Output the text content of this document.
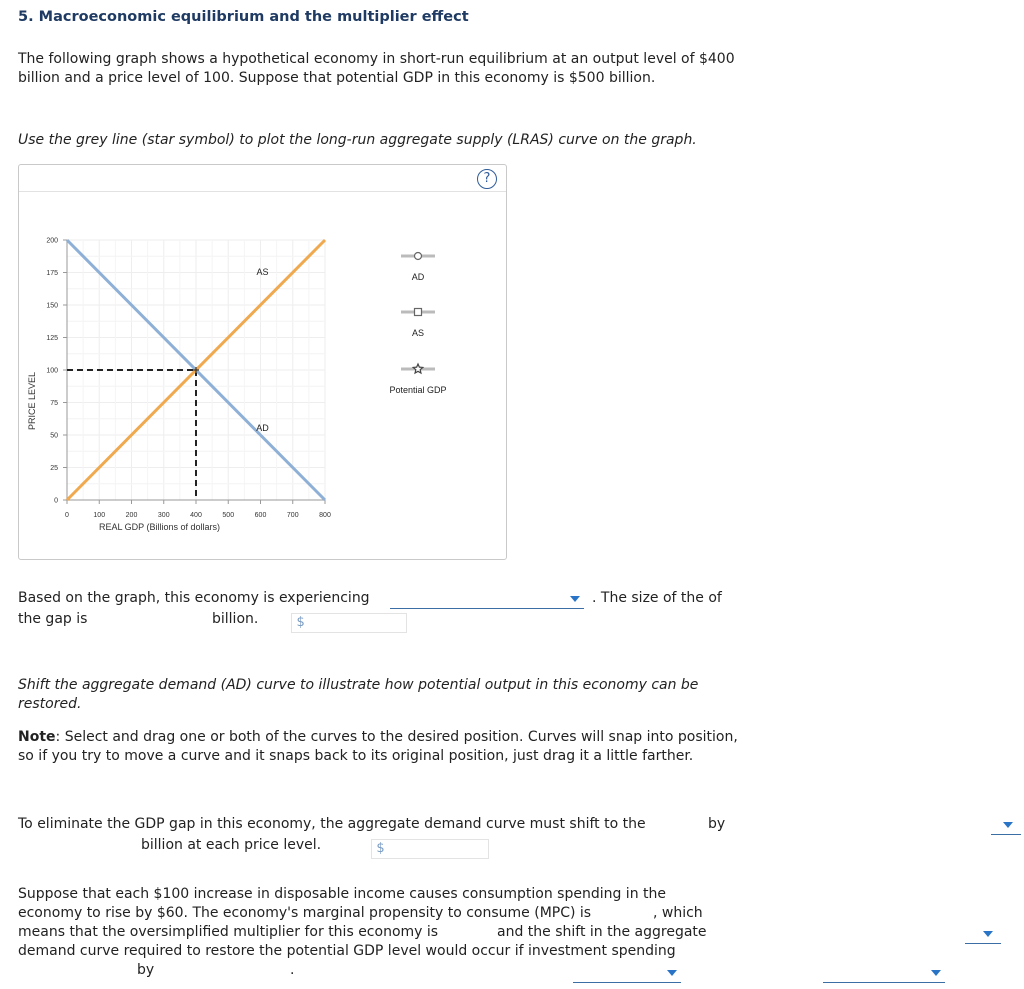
5. Macroeconomic equilibrium and the multiplier effect
The following graph shows a hypothetical economy in short-run equilibrium at an output level of $400 billion and a price level of 100. Suppose that potential GDP in this economy is $500 billion.
Use the grey line (star symbol) to plot the long-run aggregate supply (LRAS) curve on the graph.
?
0
25
50
75
100
125
150
175
200
0	100	200	300	400	500	600	700	800
AD
AS	AD
AS
Potential GDP
PRICE LEVEL
REAL GDP (Billions of dollars)
Based on the graph, this economy is experiencing
	. The size of the of
the gap is	$

billion.
Shift the aggregate demand (AD) curve to illustrate how potential output in this economy can be restored.
Note: Select and drag one or both of the curves to the desired position. Curves will snap into position, so if you try to move a curve and it snaps back to its original position, just drag it a little farther.
To eliminate the GDP gap in this economy, the aggregate demand curve must shift to the
	by
$

billion at each price level.
Suppose that each $100 increase in disposable income causes consumption spending in the
economy to rise by $60. The economy's marginal propensity to consume (MPC) is
	, which
means that the oversimplified multiplier for this economy is
	and the shift in the aggregate
demand curve required to restore the potential GDP level would occur if investment spending

by	.
